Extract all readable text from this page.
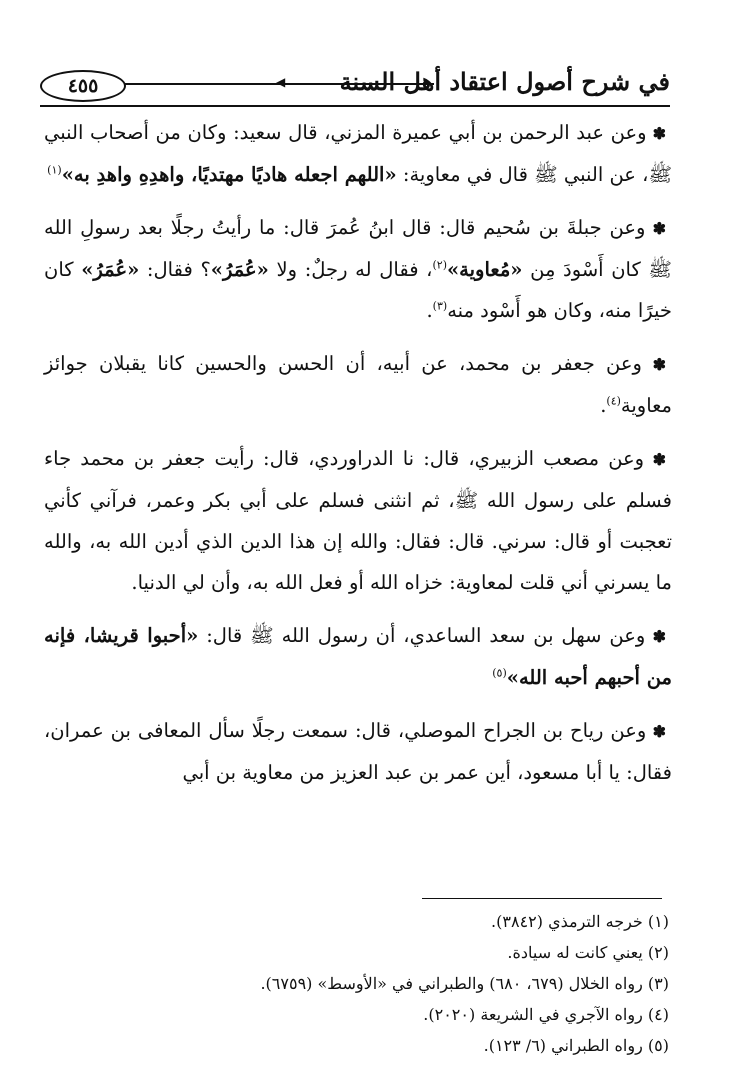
٤٥٥	◀ في شرح أصول اعتقاد أهل السنة

✽ وعن عبد الرحمن بن أبي عميرة المزني، قال سعيد: وكان من أصحاب النبي ﷺ، عن النبي ﷺ قال في معاوية: «اللهم اجعله هاديًا مهتديًا، واهدِهِ واهدِ به»$^{(١)}$

✽ وعن جبلةَ بن سُحيم قال: قال ابنُ عُمرَ قال: ما رأيتُ رجلًا بعد رسولِ الله ﷺ كان أَسْودَ مِن «مُعاوية»$^{(٢)}$، فقال له رجلٌ: ولا «عُمَرُ»؟ فقال: «عُمَرُ» كان خيرًا منه، وكان هو أَسْود منه$^{(٣)}$.

✽ وعن جعفر بن محمد، عن أبيه، أن الحسن والحسين كانا يقبلان جوائز معاوية$^{(٤)}$.

✽ وعن مصعب الزبيري، قال: نا الدراوردي، قال: رأيت جعفر بن محمد جاء فسلم على رسول الله ﷺ، ثم انثنى فسلم على أبي بكر وعمر، فرآني كأني تعجبت أو قال: سرني. قال: فقال: والله إن هذا الدين الذي أدين الله به، والله ما يسرني أني قلت لمعاوية: خزاه الله أو فعل الله به، وأن لي الدنيا.

✽ وعن سهل بن سعد الساعدي، أن رسول الله ﷺ قال: «أحبوا قريشا، فإنه من أحبهم أحبه الله»$^{(٥)}$

✽ وعن رياح بن الجراح الموصلي، قال: سمعت رجلًا سأل المعافى بن عمران، فقال: يا أبا مسعود، أين عمر بن عبد العزيز من معاوية بن أبي

(١) خرجه الترمذي (٣٨٤٢).

(٢) يعني كانت له سيادة.

(٣) رواه الخلال (٦٧٩، ٦٨٠) والطبراني في «الأوسط» (٦٧٥٩).

(٤) رواه الآجري في الشريعة (٢٠٢٠).

(٥) رواه الطبراني (٦/ ١٢٣).
